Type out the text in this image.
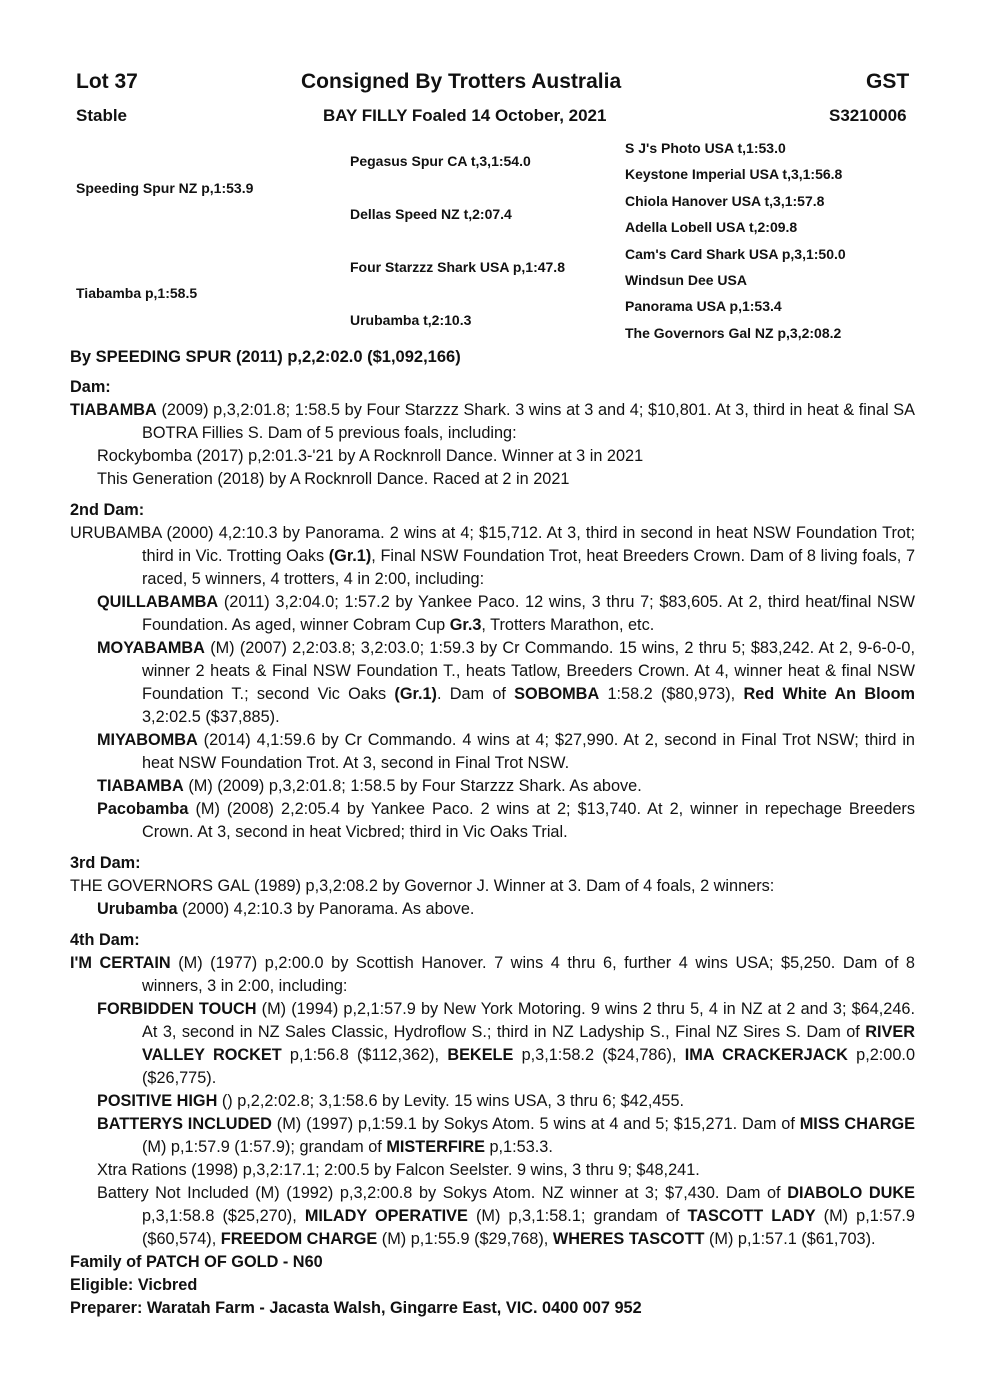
Lot 37	Consigned By Trotters Australia	GST
Stable	BAY FILLY Foaled 14 October, 2021	S3210006
Speeding Spur NZ p,1:53.9
Tiabamba p,1:58.5
Pegasus Spur CA t,3,1:54.0
Dellas Speed NZ t,2:07.4
Four Starzzz Shark USA p,1:47.8
Urubamba t,2:10.3
S J's Photo USA t,1:53.0
Keystone Imperial USA t,3,1:56.8
Chiola Hanover USA t,3,1:57.8
Adella Lobell USA t,2:09.8
Cam's Card Shark USA p,3,1:50.0
Windsun Dee USA
Panorama USA p,1:53.4
The Governors Gal NZ p,3,2:08.2
By SPEEDING SPUR (2011) p,2,2:02.0 ($1,092,166)

Dam:

TIABAMBA (2009) p,3,2:01.8; 1:58.5 by Four Starzzz Shark. 3 wins at 3 and 4; $10,801. At 3, third in heat & final SA BOTRA Fillies S. Dam of 5 previous foals, including:

Rockybomba (2017) p,2:01.3-'21 by A Rocknroll Dance. Winner at 3 in 2021

This Generation (2018) by A Rocknroll Dance. Raced at 2 in 2021

2nd Dam:

URUBAMBA (2000) 4,2:10.3 by Panorama. 2 wins at 4; $15,712. At 3, third in second in heat NSW Foundation Trot; third in Vic. Trotting Oaks (Gr.1), Final NSW Foundation Trot, heat Breeders Crown. Dam of 8 living foals, 7 raced, 5 winners, 4 trotters, 4 in 2:00, including:

QUILLABAMBA (2011) 3,2:04.0; 1:57.2 by Yankee Paco. 12 wins, 3 thru 7; $83,605. At 2, third heat/final NSW Foundation. As aged, winner Cobram Cup Gr.3, Trotters Marathon, etc.

MOYABAMBA (M) (2007) 2,2:03.8; 3,2:03.0; 1:59.3 by Cr Commando. 15 wins, 2 thru 5; $83,242. At 2, 9-6-0-0, winner 2 heats & Final NSW Foundation T., heats Tatlow, Breeders Crown. At 4, winner heat & final NSW Foundation T.; second Vic Oaks (Gr.1). Dam of SOBOMBA 1:58.2 ($80,973), Red White An Bloom 3,2:02.5 ($37,885).

MIYABOMBA (2014) 4,1:59.6 by Cr Commando. 4 wins at 4; $27,990. At 2, second in Final Trot NSW; third in heat NSW Foundation Trot. At 3, second in Final Trot NSW.

TIABAMBA (M) (2009) p,3,2:01.8; 1:58.5 by Four Starzzz Shark. As above.

Pacobamba (M) (2008) 2,2:05.4 by Yankee Paco. 2 wins at 2; $13,740. At 2, winner in repechage Breeders Crown. At 3, second in heat Vicbred; third in Vic Oaks Trial.

3rd Dam:

THE GOVERNORS GAL (1989) p,3,2:08.2 by Governor J. Winner at 3. Dam of 4 foals, 2 winners:

Urubamba (2000) 4,2:10.3 by Panorama. As above.

4th Dam:

I'M CERTAIN (M) (1977) p,2:00.0 by Scottish Hanover. 7 wins 4 thru 6, further 4 wins USA; $5,250. Dam of 8 winners, 3 in 2:00, including:

FORBIDDEN TOUCH (M) (1994) p,2,1:57.9 by New York Motoring. 9 wins 2 thru 5, 4 in NZ at 2 and 3; $64,246. At 3, second in NZ Sales Classic, Hydroflow S.; third in NZ Ladyship S., Final NZ Sires S. Dam of RIVER VALLEY ROCKET p,1:56.8 ($112,362), BEKELE p,3,1:58.2 ($24,786), IMA CRACKERJACK p,2:00.0 ($26,775).

POSITIVE HIGH () p,2,2:02.8; 3,1:58.6 by Levity. 15 wins USA, 3 thru 6; $42,455.

BATTERYS INCLUDED (M) (1997) p,1:59.1 by Sokys Atom. 5 wins at 4 and 5; $15,271. Dam of MISS CHARGE (M) p,1:57.9 (1:57.9); grandam of MISTERFIRE p,1:53.3.

Xtra Rations (1998) p,3,2:17.1; 2:00.5 by Falcon Seelster. 9 wins, 3 thru 9; $48,241.

Battery Not Included (M) (1992) p,3,2:00.8 by Sokys Atom. NZ winner at 3; $7,430. Dam of DIABOLO DUKE p,3,1:58.8 ($25,270), MILADY OPERATIVE (M) p,3,1:58.1; grandam of TASCOTT LADY (M) p,1:57.9 ($60,574), FREEDOM CHARGE (M) p,1:55.9 ($29,768), WHERES TASCOTT (M) p,1:57.1 ($61,703).

Family of PATCH OF GOLD - N60

Eligible: Vicbred

Preparer: Waratah Farm - Jacasta Walsh, Gingarre East, VIC. 0400 007 952
